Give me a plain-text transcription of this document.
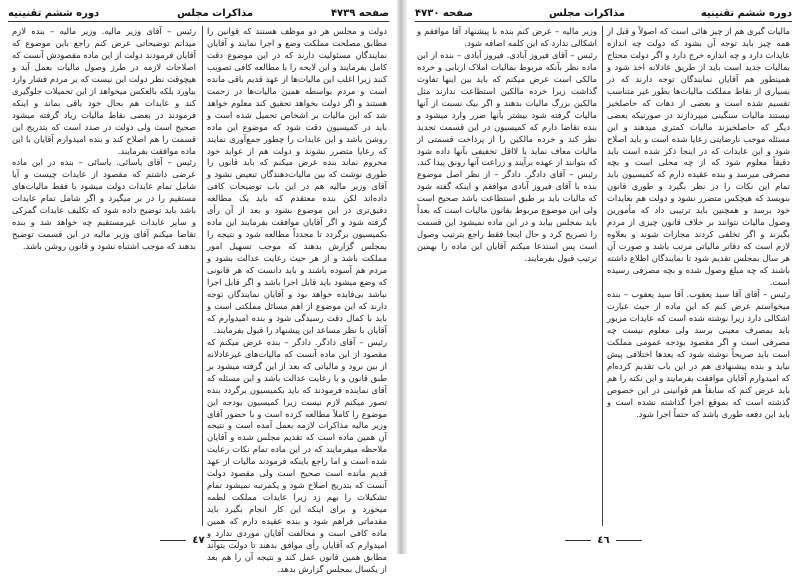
صفحه ۴۷۳۹
مذاکرات مجلس
دوره ششم تقنینیه

دولت و مجلس هر دو موظف هستند که قوانین را مطابق مصلحت مملکت وضع و اجرا نمایند و آقایان نمایندگان مسئولیت دارند که در این موضوع دقت کامل بفرمایند و این لایحه را با مطالعه کافی تصویب کنند زیرا اغلب این مالیات‌ها از عهد قدیم باقی مانده است و مردم بواسطه همین مالیات‌ها در زحمت هستند و اگر دولت بخواهد تحقیق کند معلوم خواهد شد که این مالیات بر اشخاص تحمیل شده است و باید در کمیسیون دقت شود که موضوع این ماده روشن باشد و این عایدات را چطور جمع‌آوری نمایند که رعایا متضرر نشوند و دولت هم از عواید خود محروم نماند بنده عرض میکنم که باید قانون را طوری نوشت که بین مالیات‌دهندگان تبعیض نشود و آقای وزیر مالیه هم در این باب توضیحات کافی داده‌اند لکن بنده معتقدم که باید یک مطالعه دقیق‌تری در این موضوع بشود و بعد از آن رأی گرفته شود و اگر آقایان موافقت بفرمایند این ماده بکمیسیون برگردد تا مجدداً مطالعه شود و نتیجه را بمجلس گزارش بدهند که موجب تسهیل امور مملکت باشد و از هر حیث رعایت عدالت بشود و مردم هم آسوده باشند و باید دانست که هر قانونی که وضع میشود باید قابل اجرا باشد و اگر قابل اجرا نباشد بی‌فایده خواهد بود و آقایان نمایندگان توجه دارند که این موضوع از اهم مسائل مملکتی است و باید با کمال دقت رسیدگی شود و بنده امیدوارم که آقایان با نظر مساعد این پیشنهاد را قبول بفرمایند.

رئیس – آقای دادگر. دادگر – بنده عرض میکنم که مقصود از این ماده آنست که مالیات‌های غیرعادلانه از بین برود و مالیاتی که بعد از این گرفته میشود بر طبق قانون و با رعایت عدالت باشد و این مسئله که آقای نماینده فرمودند که باید بکمیسیون برگردد بنده تصور میکنم لازم نیست زیرا کمیسیون بودجه این موضوع را کاملاً مطالعه کرده است و با حضور آقای وزیر مالیه مذاکرات لازمه بعمل آمده است و نتیجه آن همین ماده است که تقدیم مجلس شده و آقایان ملاحظه میفرمایند که در این ماده تمام نکات رعایت شده است و اما راجع باینکه فرمودند مالیات از عهد قدیم مانده است صحیح است ولی مقصود دولت آنست که بتدریج اصلاح شود و یکمرتبه نمیشود تمام تشکیلات را بهم زد زیرا عایدات مملکت لطمه میخورد و برای اینکه این کار انجام بگیرد باید مقدماتی فراهم شود و بنده عقیده دارم که همین ماده کافی است و مخالفت آقایان موردی ندارد و امیدوارم که آقایان رأی موافق بدهند تا دولت بتواند مطابق همین قانون عمل کند و نتیجه آن را هم بعد از یکسال بمجلس گزارش بدهد.

رئیس – آقای وزیر مالیه. وزیر مالیه – بنده لازم میدانم توضیحاتی عرض کنم راجع باین موضوع که آقایان فرمودند دولت از این ماده مقصودش آنست که اصلاحات لازمه در طرز وصول مالیات بعمل آید و هیچوقت نظر دولت این نیست که بر مردم فشار وارد بیاورد بلکه بالعکس میخواهد از این تحمیلات جلوگیری کند و عایدات هم بحال خود باقی بماند و اینکه فرمودند در بعضی نقاط مالیات زیاد گرفته میشود صحیح است ولی دولت در صدد است که بتدریج این قسمت را هم اصلاح کند و بنده امیدوارم آقایان با این ماده موافقت بفرمایند.

رئیس – آقای یاسائی. یاسائی – بنده در این ماده عرضی داشتم که مقصود از عایدات چیست و آیا شامل تمام عایدات دولت میشود یا فقط مالیات‌های مستقیم را در بر میگیرد و اگر شامل تمام عایدات باشد باید توضیح داده شود که تکلیف عایدات گمرکی و سایر عایدات غیرمستقیم چه خواهد شد و بنده تقاضا میکنم آقای وزیر مالیه در این قسمت توضیح بدهند که موجب اشتباه نشود و قانون روشن باشد.

٤٧
دوره ششم تقنینیه
مذاکرات مجلس
صفحه ۴۷۳۰

مالیات گیری هم از چیز هائی است که اصولاً و قبل از همه چیز باید توجه آن بشود که دولت چه اندازه عایدات دارد و چه اندازه خرج دارد و اگر دولت محتاج بمالیات جدید است باید از طریق عادلانه اخذ شود و همینطور هم آقایان نمایندگان توجه دارند که در بسیاری از نقاط مملکت مالیات‌ها بطور غیر متناسب تقسیم شده است و بعضی از دهات که حاصلخیز نیستند مالیات سنگینی میپردازند در صورتیکه بعضی دیگر که حاصلخیزند مالیات کمتری میدهند و این مسئله موجب نارضایتی رعایا شده است و باید اصلاح شود و این عایدات که در اینجا ذکر شده است باید دقیقاً معلوم شود که از چه محلی است و بچه مصرفی میرسد و بنده عقیده دارم که کمیسیون باید تمام این نکات را در نظر بگیرد و طوری قانون بنویسد که هیچکس متضرر نشود و دولت هم بعایدات خود برسد و همچنین باید ترتیبی داد که مأمورین وصول مالیات نتوانند بر خلاف قانون چیزی از مردم بگیرند و اگر تخلفی کردند مجازات شوند و بعلاوه لازم است که دفاتر مالیاتی مرتب باشد و صورت آن هر سال بمجلس تقدیم شود تا نمایندگان اطلاع داشته باشند که چه مبلغ وصول شده و بچه مصرفی رسیده است.

رئیس – آقای آقا سید یعقوب. آقا سید یعقوب – بنده میخواستم عرض کنم که این ماده از حیث عبارت اشکالی دارد زیرا نوشته شده است که عایدات مزبور باید بمصرف معینی برسد ولی معلوم نیست چه مصرفی است و اگر مقصود بودجه عمومی مملکت است باید صریحاً نوشته شود که بعدها اختلافی پیش نیاید و بنده پیشنهادی هم در این باب تقدیم کرده‌ام که امیدوارم آقایان موافقت بفرمایند و این نکته را هم باید عرض کنم که سابقاً هم قوانینی در این خصوص گذشته است که بموقع اجرا گذاشته نشده است و باید این دفعه طوری باشد که حتماً اجرا شود.

وزیر مالیه – عرض کنم بنده با پیشنهاد آقا موافقم و اشکالی ندارد که این کلمه اضافه شود.

رئیس – آقای فیروز آبادی. فیروز آبادی – بنده از این ماده نظر بآنکه مربوط بمالیات املاک اربابی و خرده مالکی است عرض میکنم که باید بین اینها تفاوت گذاشت زیرا خرده مالکین استطاعت ندارند مثل مالکین بزرگ مالیات بدهند و اگر بیک نسبت از آنها مالیات گرفته شود بیشتر بآنها ضرر وارد میشود و بنده تقاضا دارم که کمیسیون در این قسمت تجدید نظر کند و خرده مالکین را از پرداخت قسمتی از مالیات معاف نماید یا لااقل تخفیفی بآنها داده شود که بتوانند از عهده برآیند و زراعت آنها رونق پیدا کند.

رئیس – آقای دادگر. دادگر – از نظر اصل موضوع بنده با آقای فیروز آبادی موافقم و اینکه گفته شود که مالیات باید بر طبق استطاعت باشد صحیح است ولی این موضوع مربوط بقانون مالیات است که بعداً باید بمجلس بیاید و در این ماده نمیشود این قسمت را تصریح کرد و حال اینجا فقط راجع بترتیب وصول است پس استدعا میکنم آقایان این ماده را بهمین ترتیب قبول بفرمایند.

٤٦
